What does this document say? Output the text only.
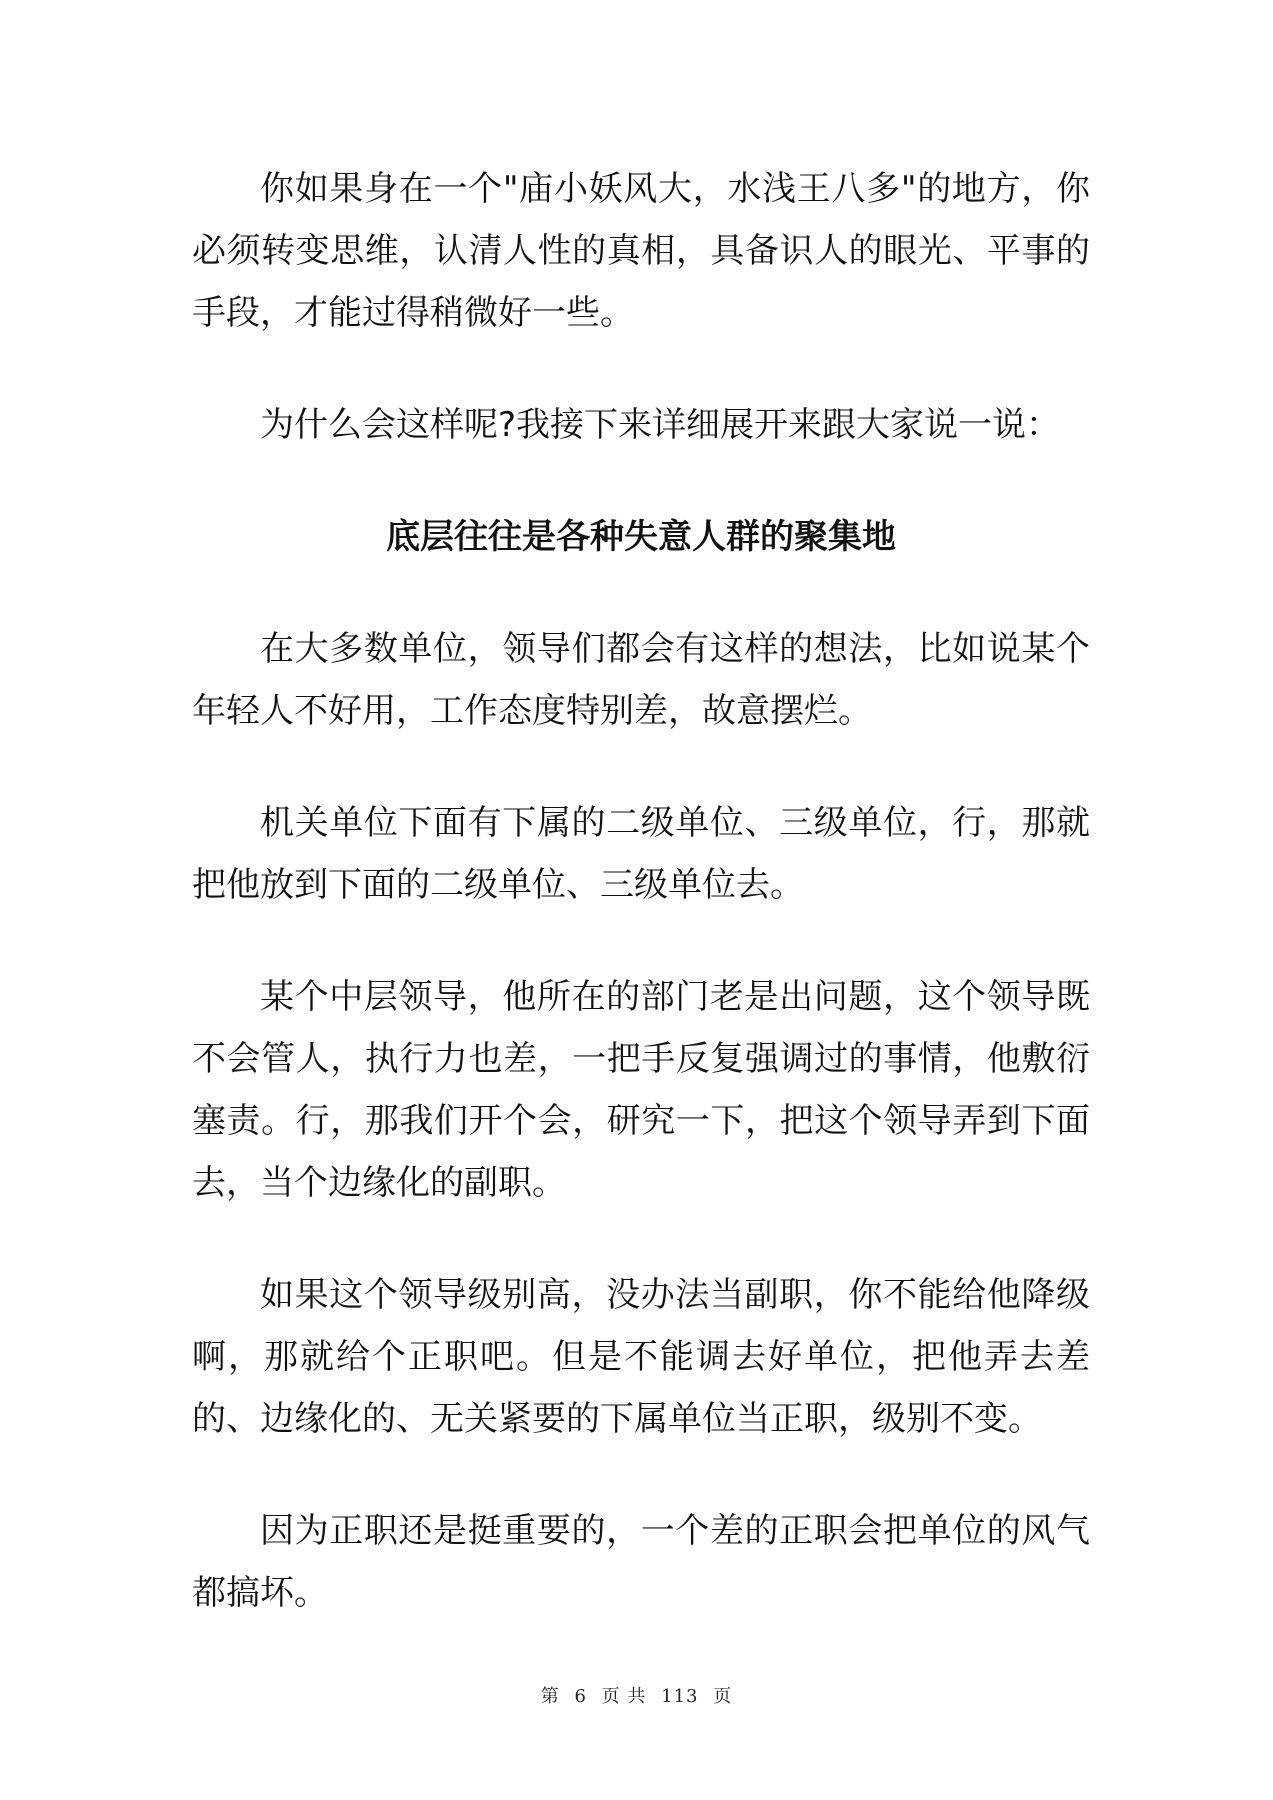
你如果身在一个"庙小妖风大，水浅王八多"的地方，你必须转变思维，认清人性的真相，具备识人的眼光、平事的手段，才能过得稍微好一些。

为什么会这样呢?我接下来详细展开来跟大家说一说：

底层往往是各种失意人群的聚集地

在大多数单位，领导们都会有这样的想法，比如说某个年轻人不好用，工作态度特别差，故意摆烂。

机关单位下面有下属的二级单位、三级单位，行，那就把他放到下面的二级单位、三级单位去。

某个中层领导，他所在的部门老是出问题，这个领导既不会管人，执行力也差，一把手反复强调过的事情，他敷衍塞责。行，那我们开个会，研究一下，把这个领导弄到下面去，当个边缘化的副职。

如果这个领导级别高，没办法当副职，你不能给他降级啊，那就给个正职吧。但是不能调去好单位，把他弄去差的、边缘化的、无关紧要的下属单位当正职，级别不变。

因为正职还是挺重要的，一个差的正职会把单位的风气都搞坏。

第 6 页 共 113 页
